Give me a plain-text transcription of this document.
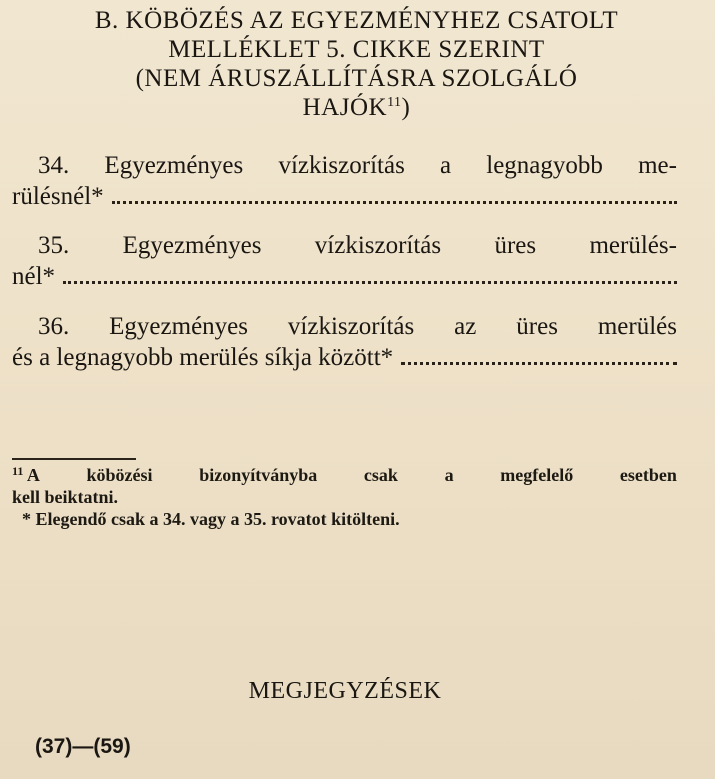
B. KÖBÖZÉS AZ EGYEZMÉNYHEZ CSATOLT
MELLÉKLET 5. CIKKE SZERINT
(NEM ÁRUSZÁLLÍTÁSRA SZOLGÁLÓ
HAJÓK$^{11}$)
34. Egyezményes vízkiszorítás a legnagyobb me-
rülésnél*
35. Egyezményes vízkiszorítás üres merülés-
nél*
36. Egyezményes vízkiszorítás az üres merülés
és a legnagyobb merülés síkja között*
$^{11}$ A	köbözési	bizonyítványba	csak	a	megfelelő	esetben
kell beiktatni.
* Elegendő csak a 34. vagy a 35. rovatot kitölteni.
MEGJEGYZÉSEK
(37)—(59)
